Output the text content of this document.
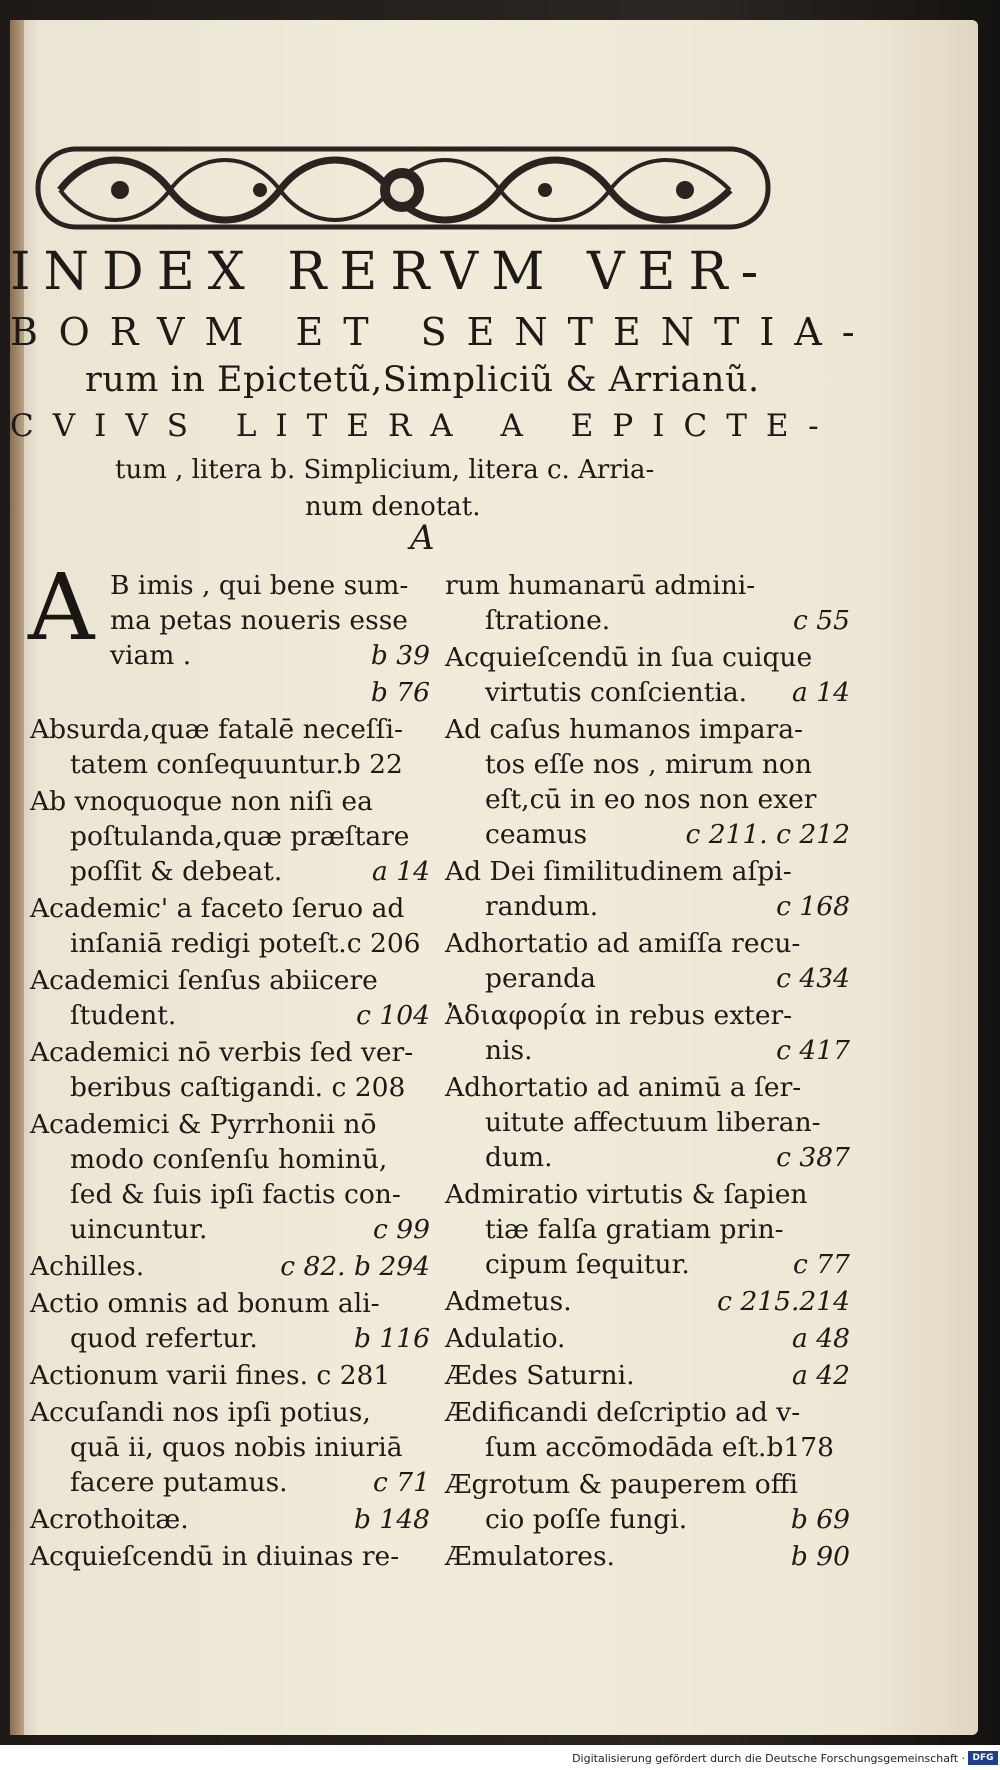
INDEX RERVM VER-
BORVM ET SENTENTIA-
rum in Epictetũ,Simpliciũ & Arrianũ.
CVIVS LITERA A EPICTE-
tum , litera b. Simplicium, litera c. Arria-
num denotat.
A
A B imis , qui bene sum-
ma petas noueris esse
viam .	b 39
b 76
Absurda,quæ fatalē neceſſi-
tatem conſequuntur.b 22
Ab vnoquoque non niſi ea
poſtulanda,quæ præſtare
poſſit & debeat.	a 14
Academic' a faceto ſeruo ad
inſaniā redigi poteſt.c 206
Academici ſenſus abiicere
ſtudent.	c 104
Academici nō verbis ſed ver-
beribus caſtigandi. c 208
Academici & Pyrrhonii nō
modo conſenſu hominū,
ſed & ſuis ipſi factis con-
uincuntur.	c 99
Achilles.	c 82. b 294
Actio omnis ad bonum ali-
quod refertur.	b 116
Actionum varii fines. c 281
Accuſandi nos ipſi potius,
quā ii, quos nobis iniuriā
facere putamus.	c 71
Acrothoitæ.	b 148
Acquieſcendū in diuinas re-
rum humanarū admini-
ſtratione.	c 55
Acquieſcendū in ſua cuique
virtutis conſcientia.	a 14
Ad caſus humanos impara-
tos eſſe nos , mirum non
eſt,cū in eo nos non exer
ceamus	c 211. c 212
Ad Dei ſimilitudinem aſpi-
randum.	c 168
Adhortatio ad amiſſa recu-
peranda	c 434
Ἀδιαφορία in rebus exter-
nis.	c 417
Adhortatio ad animū a ſer-
uitute affectuum liberan-
dum.	c 387
Admiratio virtutis & ſapien
tiæ falſa gratiam prin-
cipum ſequitur.	c 77
Admetus.	c 215.214
Adulatio.	a 48
Ædes Saturni.	a 42
Ædificandi deſcriptio ad v-
ſum accōmodāda eſt.b178
Ægrotum & pauperem offi
cio poſſe fungi.	b 69
Æmulatores.	b 90
Digitalisierung gefördert durch die Deutsche Forschungsgemeinschaft · DFG
